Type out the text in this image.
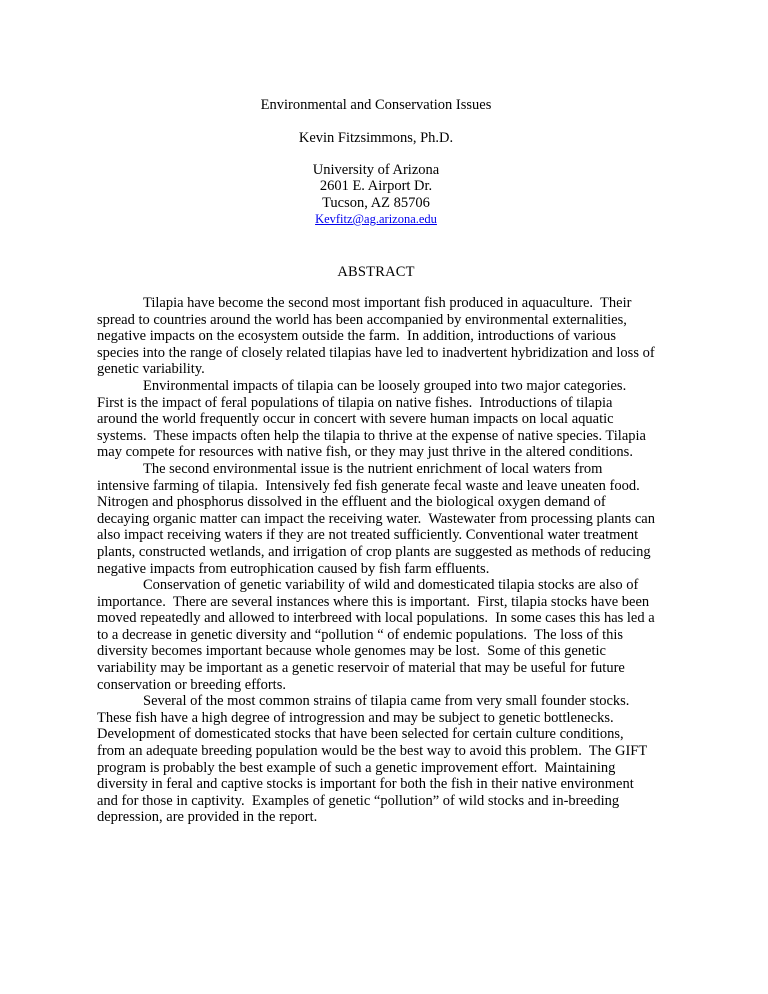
Environmental and Conservation Issues
Kevin Fitzsimmons, Ph.D.
University of Arizona
2601 E. Airport Dr.
Tucson, AZ 85706
Kevfitz@ag.arizona.edu
ABSTRACT

Tilapia have become the second most important fish produced in aquaculture.  Their spread to countries around the world has been accompanied by environmental externalities, negative impacts on the ecosystem outside the farm.  In addition, introductions of various species into the range of closely related tilapias have led to inadvertent hybridization and loss of genetic variability.

Environmental impacts of tilapia can be loosely grouped into two major categories.  First is the impact of feral populations of tilapia on native fishes.  Introductions of tilapia around the world frequently occur in concert with severe human impacts on local aquatic systems.  These impacts often help the tilapia to thrive at the expense of native species. Tilapia may compete for resources with native fish, or they may just thrive in the altered conditions.

The second environmental issue is the nutrient enrichment of local waters from intensive farming of tilapia.  Intensively fed fish generate fecal waste and leave uneaten food.  Nitrogen and phosphorus dissolved in the effluent and the biological oxygen demand of decaying organic matter can impact the receiving water.  Wastewater from processing plants can also impact receiving waters if they are not treated sufficiently. Conventional water treatment plants, constructed wetlands, and irrigation of crop plants are suggested as methods of reducing negative impacts from eutrophication caused by fish farm effluents.

Conservation of genetic variability of wild and domesticated tilapia stocks are also of importance.  There are several instances where this is important.  First, tilapia stocks have been moved repeatedly and allowed to interbreed with local populations.  In some cases this has led a to a decrease in genetic diversity and “pollution “ of endemic populations.  The loss of this diversity becomes important because whole genomes may be lost.  Some of this genetic variability may be important as a genetic reservoir of material that may be useful for future conservation or breeding efforts.

Several of the most common strains of tilapia came from very small founder stocks. These fish have a high degree of introgression and may be subject to genetic bottlenecks. Development of domesticated stocks that have been selected for certain culture conditions, from an adequate breeding population would be the best way to avoid this problem.  The GIFT program is probably the best example of such a genetic improvement effort.  Maintaining diversity in feral and captive stocks is important for both the fish in their native environment and for those in captivity.  Examples of genetic “pollution” of wild stocks and in-breeding depression, are provided in the report.
